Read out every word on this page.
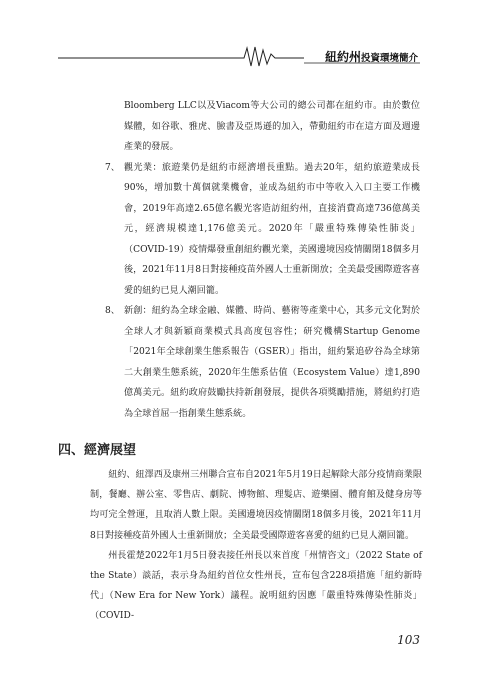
紐約州投資環境簡介
Bloomberg LLC以及Viacom等大公司的總公司都在紐約市。由於數位媒體，如谷歌、雅虎、臉書及亞馬遜的加入，帶動紐約市在這方面及週邊產業的發展。
7、 觀光業：旅遊業仍是紐約市經濟增長重點。過去20年，紐約旅遊業成長90%，增加數十萬個就業機會，並成為紐約市中等收入入口主要工作機會，2019年高達2.65億名觀光客造訪紐約州，直接消費高達736億萬美元，經濟規模達1,176億美元。2020年「嚴重特殊傳染性肺炎」（COVID-19）疫情爆發重創紐約觀光業，美國邊境因疫情關閉18個多月後，2021年11月8日對接種疫苗外國人士重新開放；全美最受國際遊客喜愛的紐約已見人潮回籠。
8、 新創：紐約為全球金融、媒體、時尚、藝術等產業中心，其多元文化對於全球人才與新穎商業模式具高度包容性；研究機構Startup Genome「2021年全球創業生態系報告（GSER）」指出，紐約緊追矽谷為全球第二大創業生態系統，2020年生態系估值（Ecosystem Value）達1,890億萬美元。紐約政府鼓勵扶持新創發展，提供各項獎勵措施，將紐約打造為全球首屈一指創業生態系統。
四、經濟展望

紐約、紐澤西及康州三州聯合宣布自2021年5月19日起解除大部分疫情商業限制，餐廳、辦公室、零售店、劇院、博物館、理髮店、遊樂園、體育館及健身房等均可完全營運，且取消人數上限。美國邊境因疫情關閉18個多月後，2021年11月8日對接種疫苗外國人士重新開放；全美最受國際遊客喜愛的紐約已見人潮回籠。

州長霍楚2022年1月5日發表接任州長以來首度「州情咨文」（2022 State of the State）談話，表示身為紐約首位女性州長，宣布包含228項措施「紐約新時代」（New Era for New York）議程。說明紐約因應「嚴重特殊傳染性肺炎」（COVID-

103
